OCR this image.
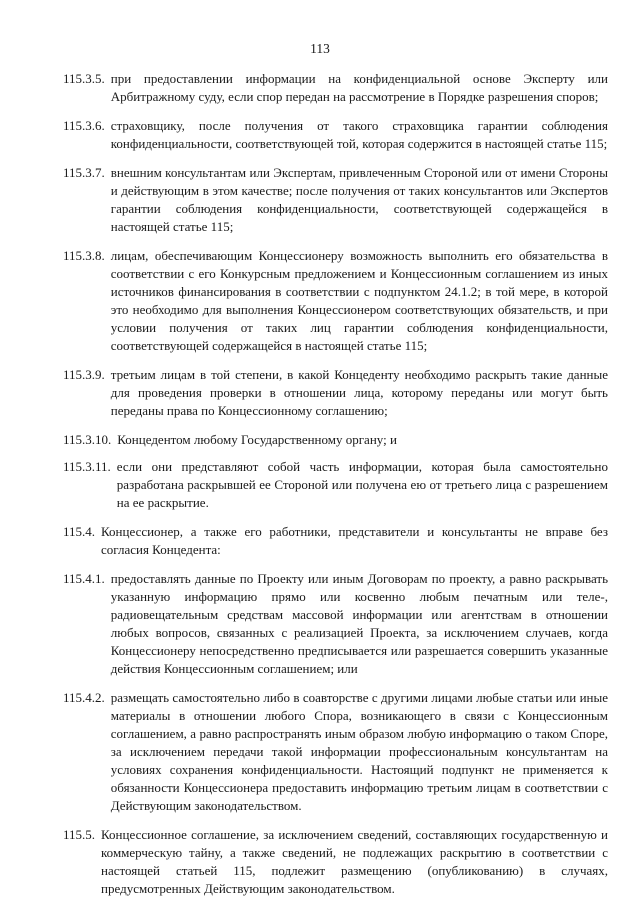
113
115.3.5. при предоставлении информации на конфиденциальной основе Эксперту или Арбитражному суду, если спор передан на рассмотрение в Порядке разрешения споров;
115.3.6. страховщику, после получения от такого страховщика гарантии соблюдения конфиденциальности, соответствующей той, которая содержится в настоящей статье 115;
115.3.7. внешним консультантам или Экспертам, привлеченным Стороной или от имени Стороны и действующим в этом качестве; после получения от таких консультантов или Экспертов гарантии соблюдения конфиденциальности, соответствующей содержащейся в настоящей статье 115;
115.3.8. лицам, обеспечивающим Концессионеру возможность выполнить его обязательства в соответствии с его Конкурсным предложением и Концессионным соглашением из иных источников финансирования в соответствии с подпунктом 24.1.2; в той мере, в которой это необходимо для выполнения Концессионером соответствующих обязательств, и при условии получения от таких лиц гарантии соблюдения конфиденциальности, соответствующей содержащейся в настоящей статье 115;
115.3.9. третьим лицам в той степени, в какой Концеденту необходимо раскрыть такие данные для проведения проверки в отношении лица, которому переданы или могут быть переданы права по Концессионному соглашению;
115.3.10. Концедентом любому Государственному органу; и
115.3.11. если они представляют собой часть информации, которая была самостоятельно разработана раскрывшей ее Стороной или получена ею от третьего лица с разрешением на ее раскрытие.
115.4. Концессионер, а также его работники, представители и консультанты не вправе без согласия Концедента:
115.4.1. предоставлять данные по Проекту или иным Договорам по проекту, а равно раскрывать указанную информацию прямо или косвенно любым печатным или теле-, радиовещательным средствам массовой информации или агентствам в отношении любых вопросов, связанных с реализацией Проекта, за исключением случаев, когда Концессионеру непосредственно предписывается или разрешается совершить указанные действия Концессионным соглашением; или
115.4.2. размещать самостоятельно либо в соавторстве с другими лицами любые статьи или иные материалы в отношении любого Спора, возникающего в связи с Концессионным соглашением, а равно распространять иным образом любую информацию о таком Споре, за исключением передачи такой информации профессиональным консультантам на условиях сохранения конфиденциальности. Настоящий подпункт не применяется к обязанности Концессионера предоставить информацию третьим лицам в соответствии с Действующим законодательством.
115.5. Концессионное соглашение, за исключением сведений, составляющих государственную и коммерческую тайну, а также сведений, не подлежащих раскрытию в соответствии с настоящей статьей 115, подлежит размещению (опубликованию) в случаях, предусмотренных Действующим законодательством.
